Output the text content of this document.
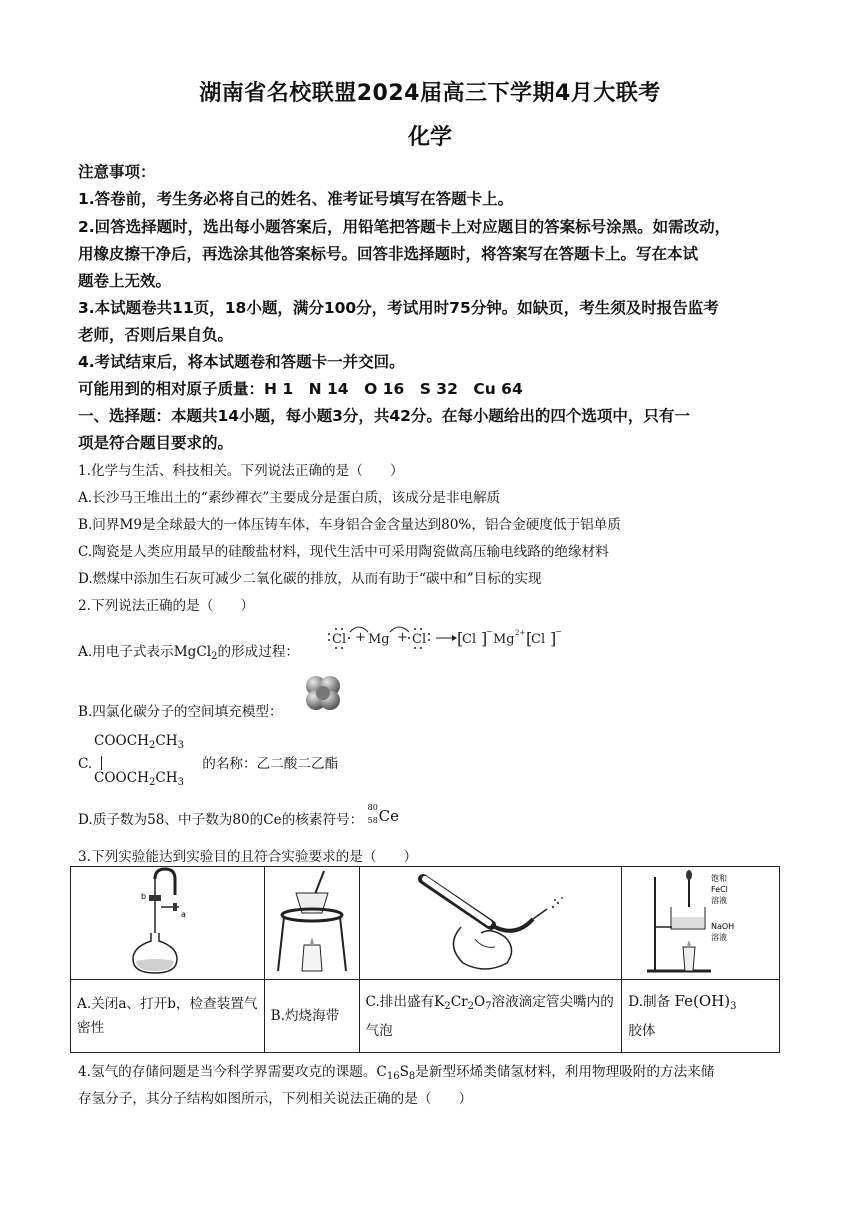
湖南省名校联盟2024届高三下学期4月大联考
化学
注意事项：
1.答卷前，考生务必将自己的姓名、准考证号填写在答题卡上。
2.回答选择题时，选出每小题答案后，用铅笔把答题卡上对应题目的答案标号涂黑。如需改动，
用橡皮擦干净后，再选涂其他答案标号。回答非选择题时，将答案写在答题卡上。写在本试
题卷上无效。
3.本试题卷共11页，18小题，满分100分，考试用时75分钟。如缺页，考生须及时报告监考
老师，否则后果自负。
4.考试结束后，将本试题卷和答题卡一并交回。
可能用到的相对原子质量：H 1　N 14　O 16　S 32　Cu 64
一、选择题：本题共14小题，每小题3分，共42分。在每小题给出的四个选项中，只有一
项是符合题目要求的。
1.化学与生活、科技相关。下列说法正确的是（　　）
A.长沙马王堆出土的“素纱襌衣”主要成分是蛋白质，该成分是非电解质
B.问界M9是全球最大的一体压铸车体，车身铝合金含量达到80%，铝合金硬度低于铝单质
C.陶瓷是人类应用最早的硅酸盐材料，现代生活中可采用陶瓷做高压输电线路的绝缘材料
D.燃煤中添加生石灰可减少二氧化碳的排放，从而有助于“碳中和”目标的实现
2.下列说法正确的是（　　）
A.用电子式表示MgCl$_2$的形成过程：
Cl + Mg + Cl	Cl Mg 2+ Cl
[ ] [ ]
−	−
B.四氯化碳分子的空间填充模型：
$COOCH_2CH_3$
C.	的名称：乙二酸二乙酯
$COOCH_2CH_3$
D.质子数为58、中子数为80的Ce的核素符号：
80
58 Ce
3.下列实验能达到实验目的且符合实验要求的是（　　）
b
a			饱和
FeCl
溶液
NaOH
溶液

A.关闭a、打开b，检查装置气密性	B.灼烧海带	C.排出盛有$K_2Cr_2O_7$溶液滴定管尖嘴内的气泡	D.制备 $Fe(OH)_3$
胶体
4.氢气的存储问题是当今科学界需要攻克的课题。$C_{16}S_8$是新型环烯类储氢材料，利用物理吸附的方法来储
存氢分子，其分子结构如图所示，下列相关说法正确的是（　　）
